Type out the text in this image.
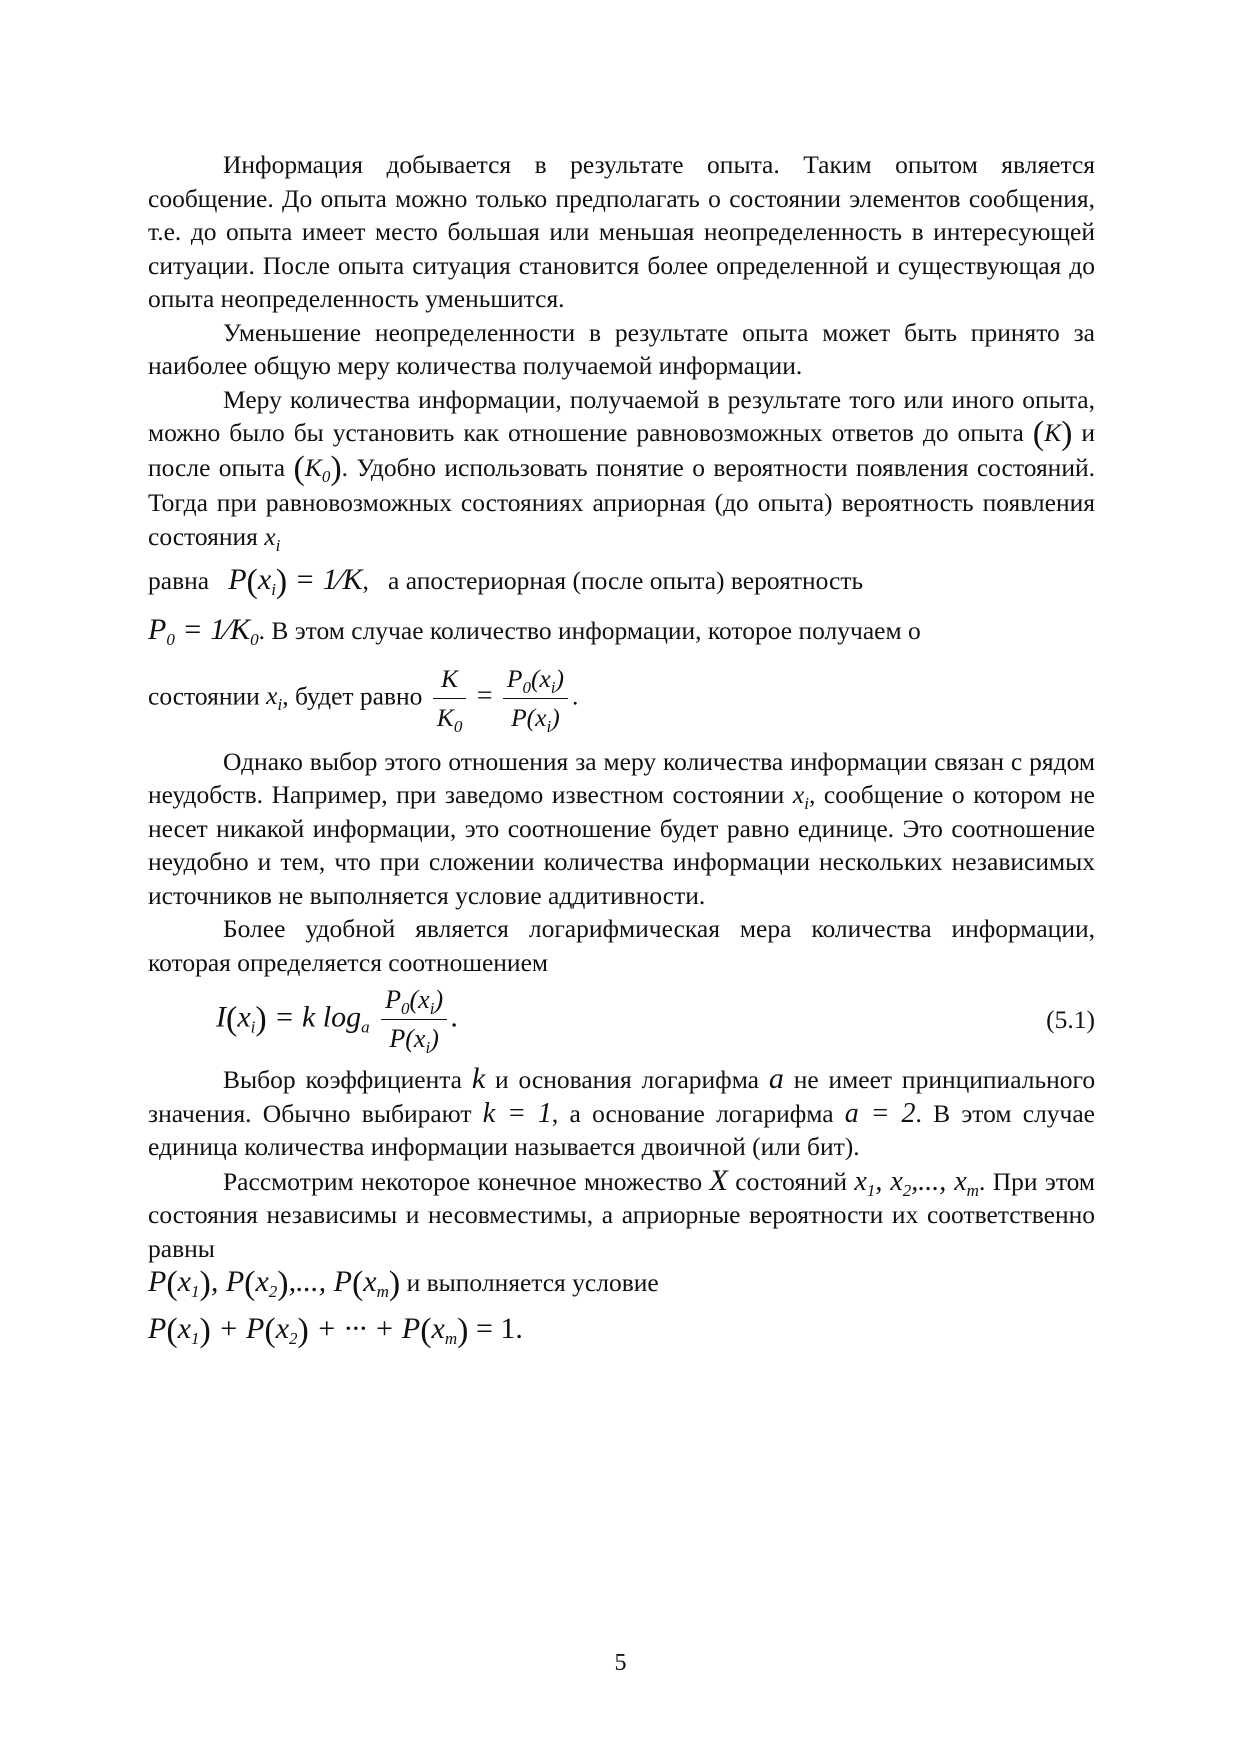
Информация добывается в результате опыта. Таким опытом является сообщение. До опыта можно только предполагать о состоянии элементов сообщения, т.е. до опыта имеет место большая или меньшая неопределенность в интересующей ситуации. После опыта ситуация становится более определенной и существующая до опыта неопределенность уменьшится.

Уменьшение неопределенности в результате опыта может быть принято за наиболее общую меру количества получаемой информации.

Меру количества информации, получаемой в результате того или иного опыта, можно было бы установить как отношение равновозможных ответов до опыта (K) и после опыта $(K_0)$. Удобно использовать понятие о вероятности появления состояний. Тогда при равновозможных состояниях априорная (до опыта) вероятность появления состояния $x_i$

равна $P(x_i)$ = 1⁄K,   а апостериорная (после опыта) вероятность

$P_0$ = $1⁄K_0$. В этом случае количество информации, которое получаем о

состоянии $x_i$, будет равно $\frac{K}{K_0} = \frac{P_0(x_i)}{P(x_i)}$ .

Однако выбор этого отношения за меру количества информации связан с рядом неудобств. Например, при заведомо известном состоянии $x_i$, сообщение о котором не несет никакой информации, это соотношение будет равно единице. Это соотношение неудобно и тем, что при сложении количества информации нескольких независимых источников не выполняется условие аддитивности.

Более удобной является логарифмическая мера количества информации, которая определяется соотношением

$I(x_i) = k$ $\log_a \frac{P_0(x_i)}{P(x_i)}$ .	(5.1)

Выбор коэффициента k и основания логарифма a не имеет принципиального значения. Обычно выбирают k = 1, а основание логарифма a = 2. В этом случае единица количества информации называется двоичной (или бит).

Рассмотрим некоторое конечное множество X состояний $x_1$, $x_2$,..., $x_m$. При этом состояния независимы и несовместимы, а априорные вероятности их соответственно равны

$P(x_1)$, $P(x_2)$,..., $P(x_m)$ и выполняется условие

$P(x_1) + P(x_2)$ + ··· + $P(x_m) = 1$.

5
